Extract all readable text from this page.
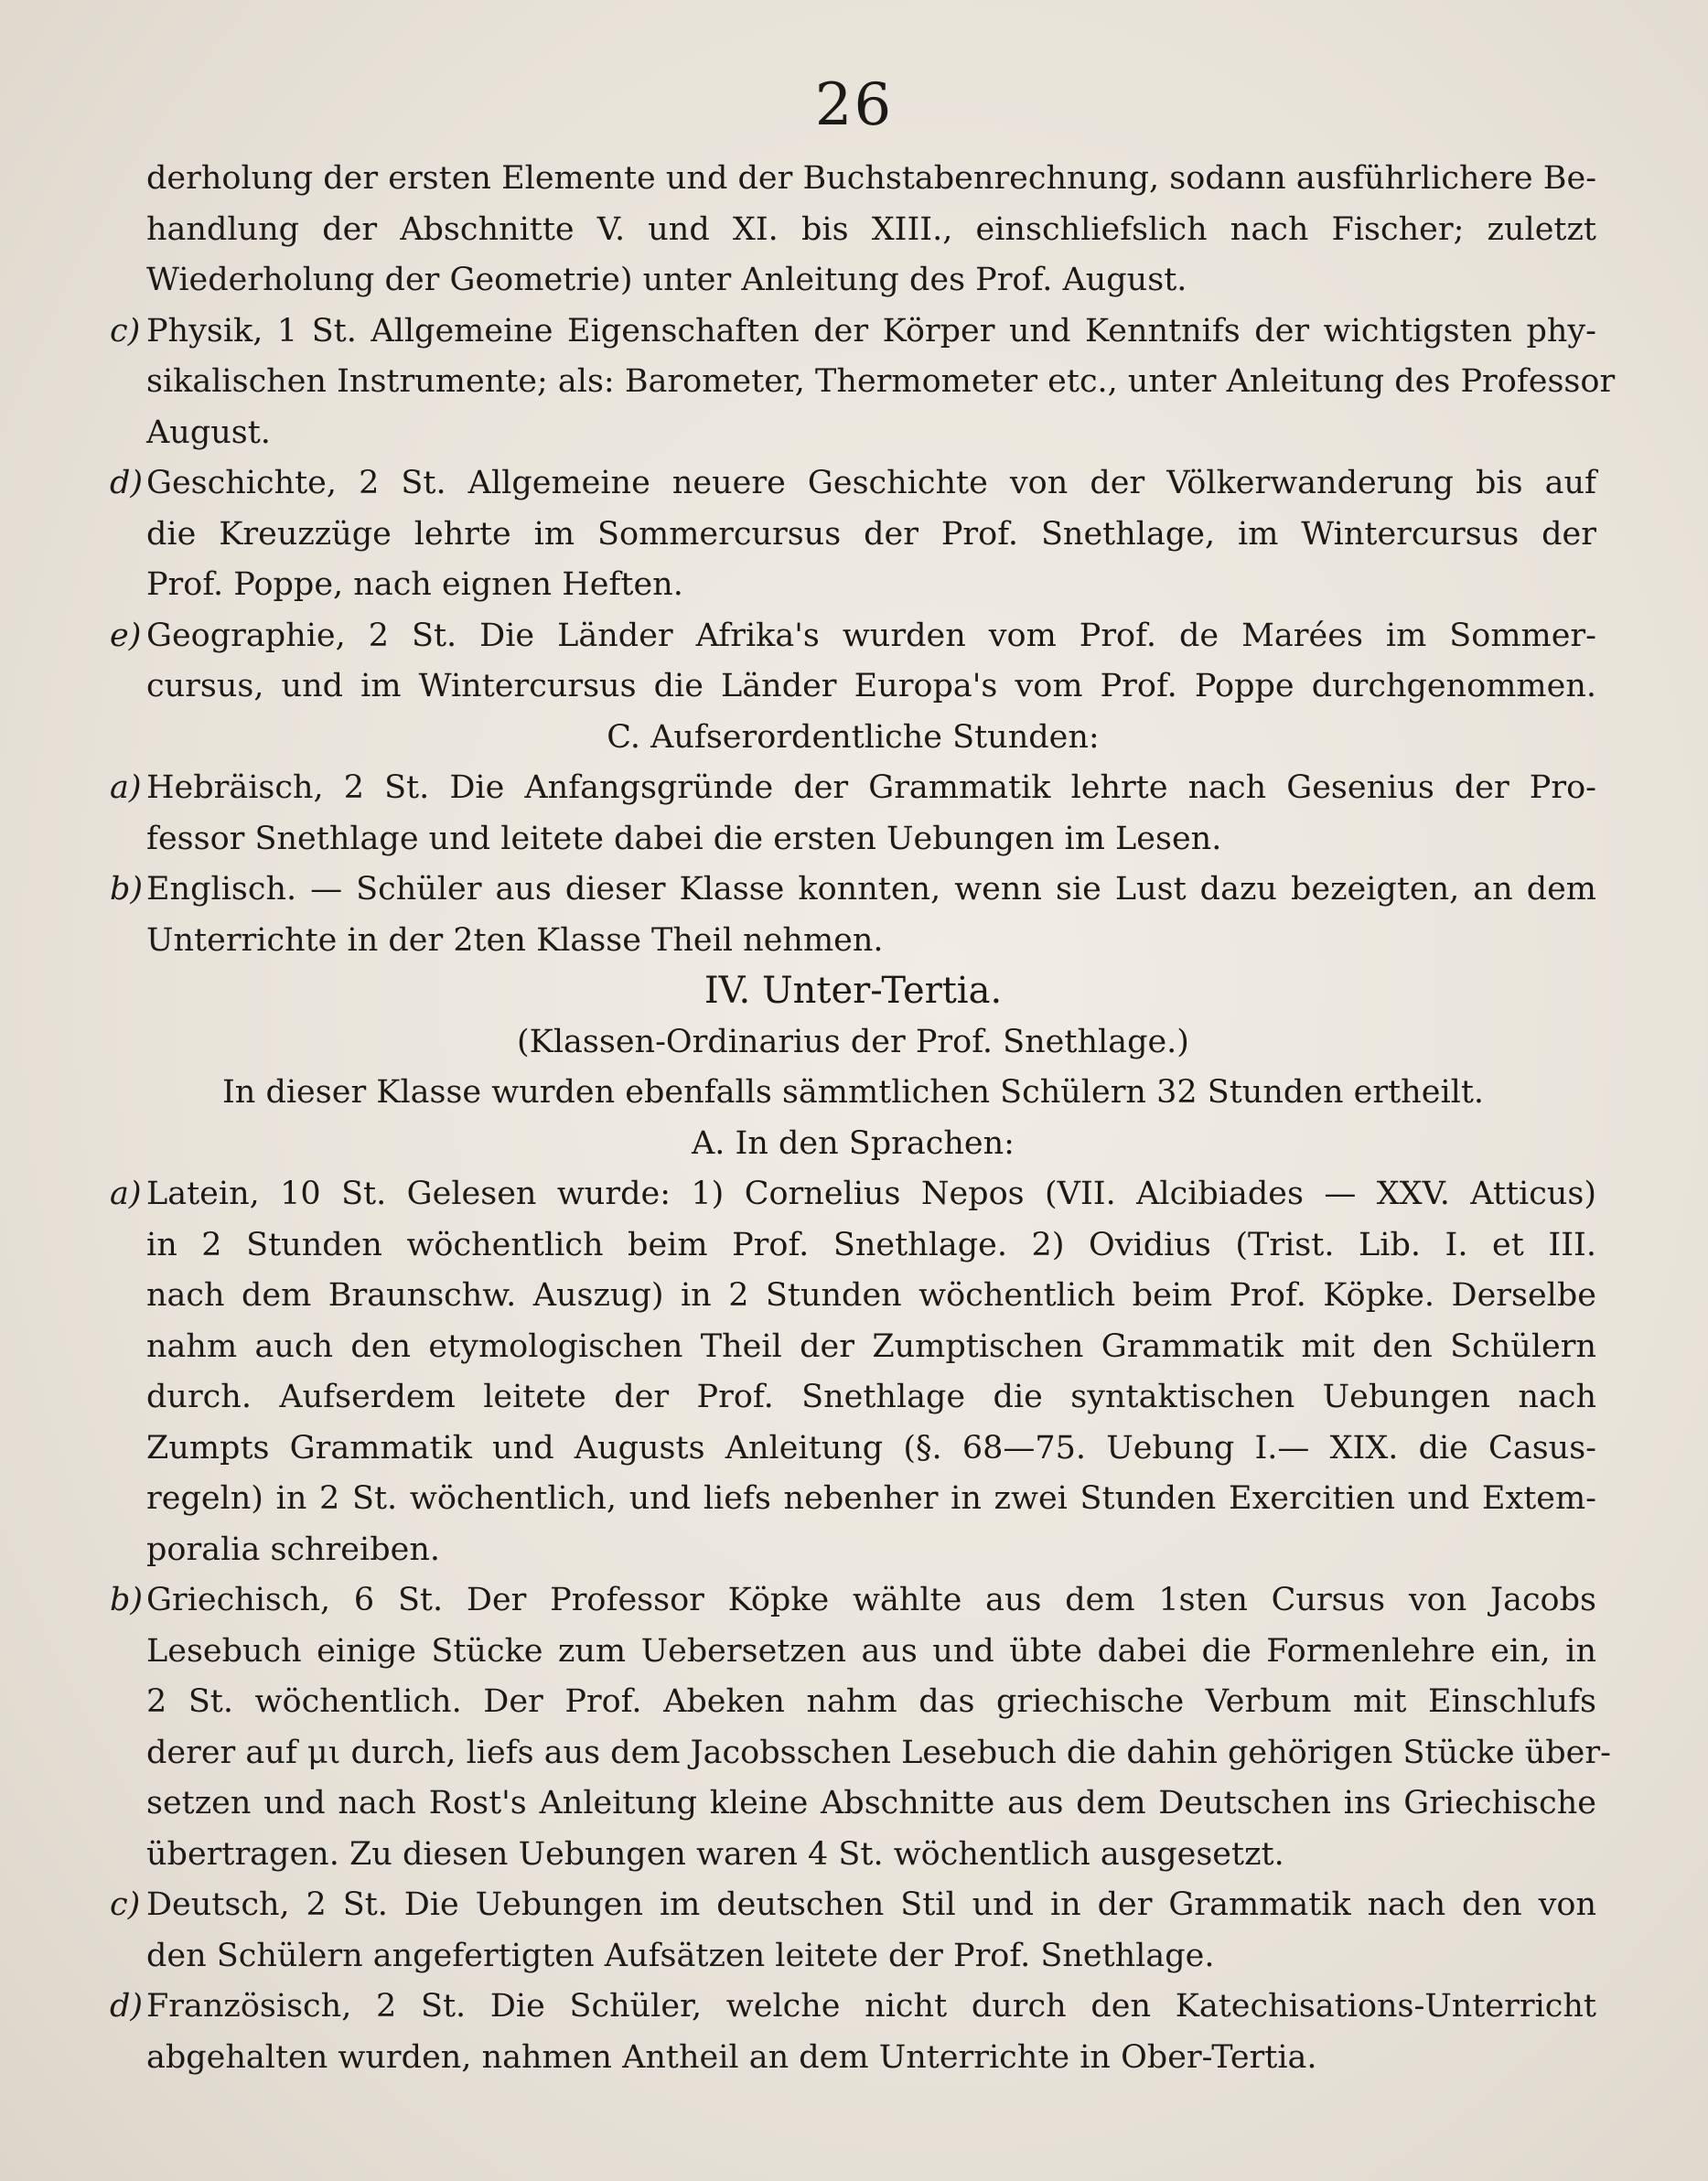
26
derholung der ersten Elemente und der Buchstabenrechnung, sodann ausführlichere Be-
handlung der Abschnitte V. und XI. bis XIII., einschliefslich nach Fischer; zuletzt
Wiederholung der Geometrie) unter Anleitung des Prof. August.
c) Physik, 1 St. Allgemeine Eigenschaften der Körper und Kenntnifs der wichtigsten phy-
sikalischen Instrumente; als: Barometer, Thermometer etc., unter Anleitung des Professor
August.
d) Geschichte, 2 St. Allgemeine neuere Geschichte von der Völkerwanderung bis auf
die Kreuzzüge lehrte im Sommercursus der Prof. Snethlage, im Wintercursus der
Prof. Poppe, nach eignen Heften.
e) Geographie, 2 St. Die Länder Afrika's wurden vom Prof. de Marées im Sommer-
cursus, und im Wintercursus die Länder Europa's vom Prof. Poppe durchgenommen.
C. Aufserordentliche Stunden:
a) Hebräisch, 2 St. Die Anfangsgründe der Grammatik lehrte nach Gesenius der Pro-
fessor Snethlage und leitete dabei die ersten Uebungen im Lesen.
b) Englisch. — Schüler aus dieser Klasse konnten, wenn sie Lust dazu bezeigten, an dem
Unterrichte in der 2ten Klasse Theil nehmen.
IV. Unter-Tertia.
(Klassen-Ordinarius der Prof. Snethlage.)
In dieser Klasse wurden ebenfalls sämmtlichen Schülern 32 Stunden ertheilt.
A. In den Sprachen:
a) Latein, 10 St. Gelesen wurde: 1) Cornelius Nepos (VII. Alcibiades — XXV. Atticus)
in 2 Stunden wöchentlich beim Prof. Snethlage. 2) Ovidius (Trist. Lib. I. et III.
nach dem Braunschw. Auszug) in 2 Stunden wöchentlich beim Prof. Köpke. Derselbe
nahm auch den etymologischen Theil der Zumptischen Grammatik mit den Schülern
durch. Aufserdem leitete der Prof. Snethlage die syntaktischen Uebungen nach
Zumpts Grammatik und Augusts Anleitung (§. 68—75. Uebung I.— XIX. die Casus-
regeln) in 2 St. wöchentlich, und liefs nebenher in zwei Stunden Exercitien und Extem-
poralia schreiben.
b) Griechisch, 6 St. Der Professor Köpke wählte aus dem 1sten Cursus von Jacobs
Lesebuch einige Stücke zum Uebersetzen aus und übte dabei die Formenlehre ein, in
2 St. wöchentlich. Der Prof. Abeken nahm das griechische Verbum mit Einschlufs
derer auf μι durch, liefs aus dem Jacobsschen Lesebuch die dahin gehörigen Stücke über-
setzen und nach Rost's Anleitung kleine Abschnitte aus dem Deutschen ins Griechische
übertragen. Zu diesen Uebungen waren 4 St. wöchentlich ausgesetzt.
c) Deutsch, 2 St. Die Uebungen im deutschen Stil und in der Grammatik nach den von
den Schülern angefertigten Aufsätzen leitete der Prof. Snethlage.
d) Französisch, 2 St. Die Schüler, welche nicht durch den Katechisations-Unterricht
abgehalten wurden, nahmen Antheil an dem Unterrichte in Ober-Tertia.
